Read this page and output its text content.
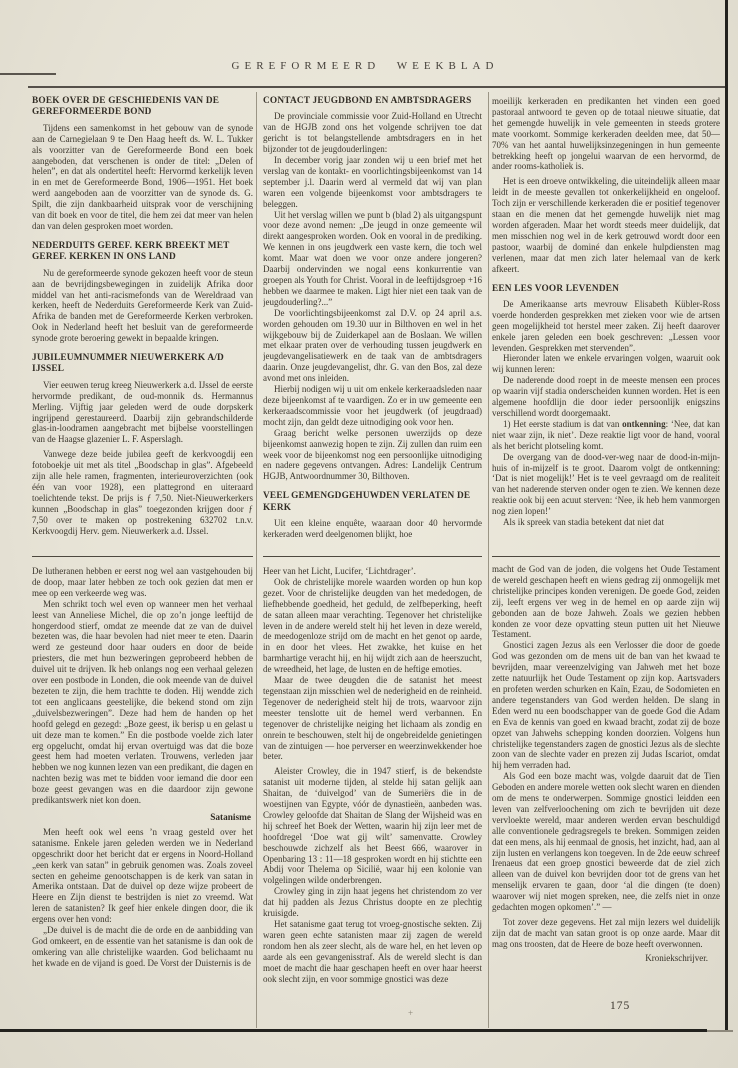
GEREFORMEERD WEEKBLAD
BOEK OVER DE GESCHIEDENIS VAN DE GEREFORMEERDE BOND

Tijdens een samenkomst in het gebouw van de synode aan de Carnegielaan 9 te Den Haag heeft ds. W. L. Tukker als voorzitter van de Gereformeerde Bond een boek aangeboden, dat verschenen is onder de titel: „Delen of helen”, en dat als ondertitel heeft: Hervormd kerkelijk leven in en met de Gereformeerde Bond, 1906—1951. Het boek werd aangeboden aan de voorzitter van de synode ds. G. Spilt, die zijn dankbaarheid uitsprak voor de verschijning van dit boek en voor de titel, die hem zei dat meer van helen dan van delen gesproken moet worden.

NEDERDUITS GEREF. KERK BREEKT MET GEREF. KERKEN IN ONS LAND

Nu de gereformeerde synode gekozen heeft voor de steun aan de bevrijdingsbewegingen in zuidelijk Afrika door middel van het anti-racismefonds van de Wereldraad van kerken, heeft de Nederduits Gereformeerde Kerk van Zuid-Afrika de banden met de Gereformeerde Kerken verbroken. Ook in Nederland heeft het besluit van de gereformeerde synode grote beroering gewekt in bepaalde kringen.

JUBILEUMNUMMER NIEUWERKERK A/D IJSSEL

Vier eeuwen terug kreeg Nieuwerkerk a.d. IJssel de eerste hervormde predikant, de oud-monnik ds. Hermannus Merling. Vijftig jaar geleden werd de oude dorpskerk ingrijpend gerestaureerd. Daarbij zijn gebrandschilderde glas-in-loodramen aangebracht met bijbelse voorstellingen van de Haagse glazenier L. F. Asperslagh.

Vanwege deze beide jubilea geeft de kerkvoogdij een fotoboekje uit met als titel „Boodschap in glas”. Afgebeeld zijn alle hele ramen, fragmenten, interieuroverzichten (ook één van voor 1928), een plattegrond en uiteraard toelichtende tekst. De prijs is ƒ 7,50. Niet-Nieuwerkerkers kunnen „Boodschap in glas” toegezonden krijgen door ƒ 7,50 over te maken op postrekening 632702 t.n.v. Kerkvoogdij Herv. gem. Nieuwerkerk a.d. IJssel.

CONTACT JEUGDBOND EN AMBTSDRAGERS

De provinciale commissie voor Zuid-Holland en Utrecht van de HGJB zond ons het volgende schrijven toe dat gericht is tot belangstellende ambtsdragers en in het bijzonder tot de jeugdouderlingen:

In december vorig jaar zonden wij u een brief met het verslag van de kontakt- en voorlichtingsbijeenkomst van 14 september j.l. Daarin werd al vermeld dat wij van plan waren een volgende bijeenkomst voor ambtsdragers te beleggen.

Uit het verslag willen we punt b (blad 2) als uitgangspunt voor deze avond nemen: „De jeugd in onze gemeente wil direkt aangesproken worden. Ook en vooral in de prediking. We kennen in ons jeugdwerk een vaste kern, die toch wel komt. Maar wat doen we voor onze andere jongeren? Daarbij ondervinden we nogal eens konkurrentie van groepen als Youth for Christ. Vooral in de leeftijdsgroep +16 hebben we daarmee te maken. Ligt hier niet een taak van de jeugdouderling?...”

De voorlichtingsbijeenkomst zal D.V. op 24 april a.s. worden gehouden om 19.30 uur in Bilthoven en wel in het wijkgebouw bij de Zuiderkapel aan de Boslaan. We willen met elkaar praten over de verhouding tussen jeugdwerk en jeugdevangelisatiewerk en de taak van de ambtsdragers daarin. Onze jeugdevangelist, dhr. G. van den Bos, zal deze avond met ons inleiden.

Hierbij nodigen wij u uit om enkele kerkeraadsleden naar deze bijeenkomst af te vaardigen. Zo er in uw gemeente een kerkeraadscommissie voor het jeugdwerk (of jeugdraad) mocht zijn, dan geldt deze uitnodiging ook voor hen.

Graag bericht welke personen uwerzijds op deze bijeenkomst aanwezig hopen te zijn. Zij zullen dan ruim een week voor de bijeenkomst nog een persoonlijke uitnodiging en nadere gegevens ontvangen. Adres: Landelijk Centrum HGJB, Antwoordnummer 30, Bilthoven.

VEEL GEMENGDGEHUWDEN VERLATEN DE KERK

Uit een kleine enquête, waaraan door 40 hervormde kerkeraden werd deelgenomen blijkt, hoe

moeilijk kerkeraden en predikanten het vinden een goed pastoraal antwoord te geven op de totaal nieuwe situatie, dat het gemengde huwelijk in vele gemeenten in steeds grotere mate voorkomt. Sommige kerkeraden deelden mee, dat 50—70% van het aantal huwelijksinzegeningen in hun gemeente betrekking heeft op jongelui waarvan de een hervormd, de ander rooms-katholiek is.

Het is een droeve ontwikkeling, die uiteindelijk alleen maar leidt in de meeste gevallen tot onkerkelijkheid en ongeloof. Toch zijn er verschillende kerkeraden die er positief tegenover staan en die menen dat het gemengde huwelijk niet mag worden afgeraden. Maar het wordt steeds meer duidelijk, dat men misschien nog wel in de kerk getrouwd wordt door een pastoor, waarbij de dominé dan enkele hulpdiensten mag verlenen, maar dat men zich later helemaal van de kerk afkeert.

EEN LES VOOR LEVENDEN

De Amerikaanse arts mevrouw Elisabeth Kübler-Ross voerde honderden gesprekken met zieken voor wie de artsen geen mogelijkheid tot herstel meer zaken. Zij heeft daarover enkele jaren geleden een boek geschreven: „Lessen voor levenden. Gesprekken met stervenden”.

Hieronder laten we enkele ervaringen volgen, waaruit ook wij kunnen leren:

De naderende dood roept in de meeste mensen een proces op waarin vijf stadia onderscheiden kunnen worden. Het is een algemene hoofdlijn die door ieder persoonlijk enigszins verschillend wordt doorgemaakt.

1) Het eerste stadium is dat van ontkenning: ‘Nee, dat kan niet waar zijn, ik niet’. Deze reaktie ligt voor de hand, vooral als het bericht plotseling komt.

De overgang van de dood-ver-weg naar de dood-in-mijn-huis of in-mijzelf is te groot. Daarom volgt de ontkenning: ‘Dat is niet mogelijk!’ Het is te veel gevraagd om de realiteit van het naderende sterven onder ogen te zien. We kennen deze reaktie ook bij een acuut sterven: ‘Nee, ik heb hem vanmorgen nog zien lopen!’

Als ik spreek van stadia betekent dat niet dat

De lutheranen hebben er eerst nog wel aan vastgehouden bij de doop, maar later hebben ze toch ook gezien dat men er mee op een verkeerde weg was.

Men schrikt toch wel even op wanneer men het verhaal leest van Anneliese Michel, die op zo’n jonge leeftijd de hongerdood stierf, omdat ze meende dat ze van de duivel bezeten was, die haar bevolen had niet meer te eten. Daarin werd ze gesteund door haar ouders en door de beide priesters, die met hun bezweringen geprobeerd hebben de duivel uit te drijven. Ik heb onlangs nog een verhaal gelezen over een postbode in Londen, die ook meende van de duivel bezeten te zijn, die hem trachtte te doden. Hij wendde zich tot een anglicaans geestelijke, die bekend stond om zijn „duivelsbezweringen”. Deze had hem de handen op het hoofd gelegd en gezegd: „Boze geest, ik berisp u en gelast u uit deze man te komen.” En die postbode voelde zich later erg opgelucht, omdat hij ervan overtuigd was dat die boze geest hem had moeten verlaten. Trouwens, verleden jaar hebben we nog kunnen lezen van een predikant, die dagen en nachten bezig was met te bidden voor iemand die door een boze geest gevangen was en die daardoor zijn gewone predikantswerk niet kon doen.

Satanisme

Men heeft ook wel eens ’n vraag gesteld over het satanisme. Enkele jaren geleden werden we in Nederland opgeschrikt door het bericht dat er ergens in Noord-Holland „een kerk van satan” in gebruik genomen was. Zoals zoveel secten en geheime genootschappen is de kerk van satan in Amerika ontstaan. Dat de duivel op deze wijze probeert de Heere en Zijn dienst te bestrijden is niet zo vreemd. Wat leren de satanisten? Ik geef hier enkele dingen door, die ik ergens over hen vond:

„De duivel is de macht die de orde en de aanbidding van God omkeert, en de essentie van het satanisme is dan ook de omkering van alle christelijke waarden. God belichaamt nu het kwade en de vijand is goed. De Vorst der Duisternis is de

Heer van het Licht, Lucifer, ‘Lichtdrager’.

Ook de christelijke morele waarden worden op hun kop gezet. Voor de christelijke deugden van het mededogen, de liefhebbende goedheid, het geduld, de zelfbeperking, heeft de satan alleen maar verachting. Tegenover het christelijke leven in de andere wereld stelt hij het leven in deze wereld, de meedogenloze strijd om de macht en het genot op aarde, in en door het vlees. Het zwakke, het kuise en het barmhartige veracht hij, en hij wijdt zich aan de heerszucht, de wreedheid, het lage, de lusten en de heftige emoties.

Maar de twee deugden die de satanist het meest tegenstaan zijn misschien wel de nederigheid en de reinheid. Tegenover de nederigheid stelt hij de trots, waarvoor zijn meester tenslotte uit de hemel werd verbannen. En tegenover de christelijke neiging het lichaam als zondig en onrein te beschouwen, stelt hij de ongebreidelde genietingen van de zintuigen — hoe perverser en weerzinwekkender hoe beter.

Aleister Crowley, die in 1947 stierf, is de bekendste satanist uit moderne tijden, al stelde hij satan gelijk aan Shaitan, de ‘duivelgod’ van de Sumeriërs die in de woestijnen van Egypte, vóór de dynastieën, aanbeden was. Crowley geloofde dat Shaitan de Slang der Wijsheid was en hij schreef het Boek der Wetten, waarin hij zijn leer met de hoofdregel ‘Doe wat gij wilt’ samenvatte. Crowley beschouwde zichzelf als het Beest 666, waarover in Openbaring 13 : 11—18 gesproken wordt en hij stichtte een Abdij voor Thelema op Sicilië, waar hij een kolonie van volgelingen wilde onderbrengen.

Crowley ging in zijn haat jegens het christendom zo ver dat hij padden als Jezus Christus doopte en ze plechtig kruisigde.

Het satanisme gaat terug tot vroeg-gnostische sekten. Zij waren geen echte satanisten maar zij zagen de wereld rondom hen als zeer slecht, als de ware hel, en het leven op aarde als een gevangenisstraf. Als de wereld slecht is dan moet de macht die haar geschapen heeft en over haar heerst ook slecht zijn, en voor sommige gnostici was deze

macht de God van de joden, die volgens het Oude Testament de wereld geschapen heeft en wiens gedrag zij onmogelijk met christelijke principes konden verenigen. De goede God, zeiden zij, leeft ergens ver weg in de hemel en op aarde zijn wij gebonden aan de boze Jahweh. Zoals we gezien hebben konden ze voor deze opvatting steun putten uit het Nieuwe Testament.

Gnostici zagen Jezus als een Verlosser die door de goede God was gezonden om de mens uit de ban van het kwaad te bevrijden, maar vereenzelviging van Jahweh met het boze zette natuurlijk het Oude Testament op zijn kop. Aartsvaders en profeten werden schurken en Kaïn, Ezau, de Sodomieten en andere tegenstanders van God werden helden. De slang in Eden werd nu een boodschapper van de goede God die Adam en Eva de kennis van goed en kwaad bracht, zodat zij de boze opzet van Jahwehs schepping konden doorzien. Volgens hun christelijke tegenstanders zagen de gnostici Jezus als de slechte zoon van de slechte vader en prezen zij Judas Iscariot, omdat hij hem verraden had.

Als God een boze macht was, volgde daaruit dat de Tien Geboden en andere morele wetten ook slecht waren en dienden om de mens te onderwerpen. Sommige gnostici leidden een leven van zelfverloochening om zich te bevrijden uit deze vervloekte wereld, maar anderen werden ervan beschuldigd alle conventionele gedragsregels te breken. Sommigen zeiden dat een mens, als hij eenmaal de gnosis, het inzicht, had, aan al zijn lusten en verlangens kon toegeven. In de 2de eeuw schreef Irenaeus dat een groep gnostici beweerde dat de ziel zich alleen van de duivel kon bevrijden door tot de grens van het menselijk ervaren te gaan, door ‘al die dingen (te doen) waarover wij niet mogen spreken, nee, die zelfs niet in onze gedachten mogen opkomen’.” —

Tot zover deze gegevens. Het zal mijn lezers wel duidelijk zijn dat de macht van satan groot is op onze aarde. Maar dit mag ons troosten, dat de Heere de boze heeft overwonnen.

Kroniekschrijver.

175
+
